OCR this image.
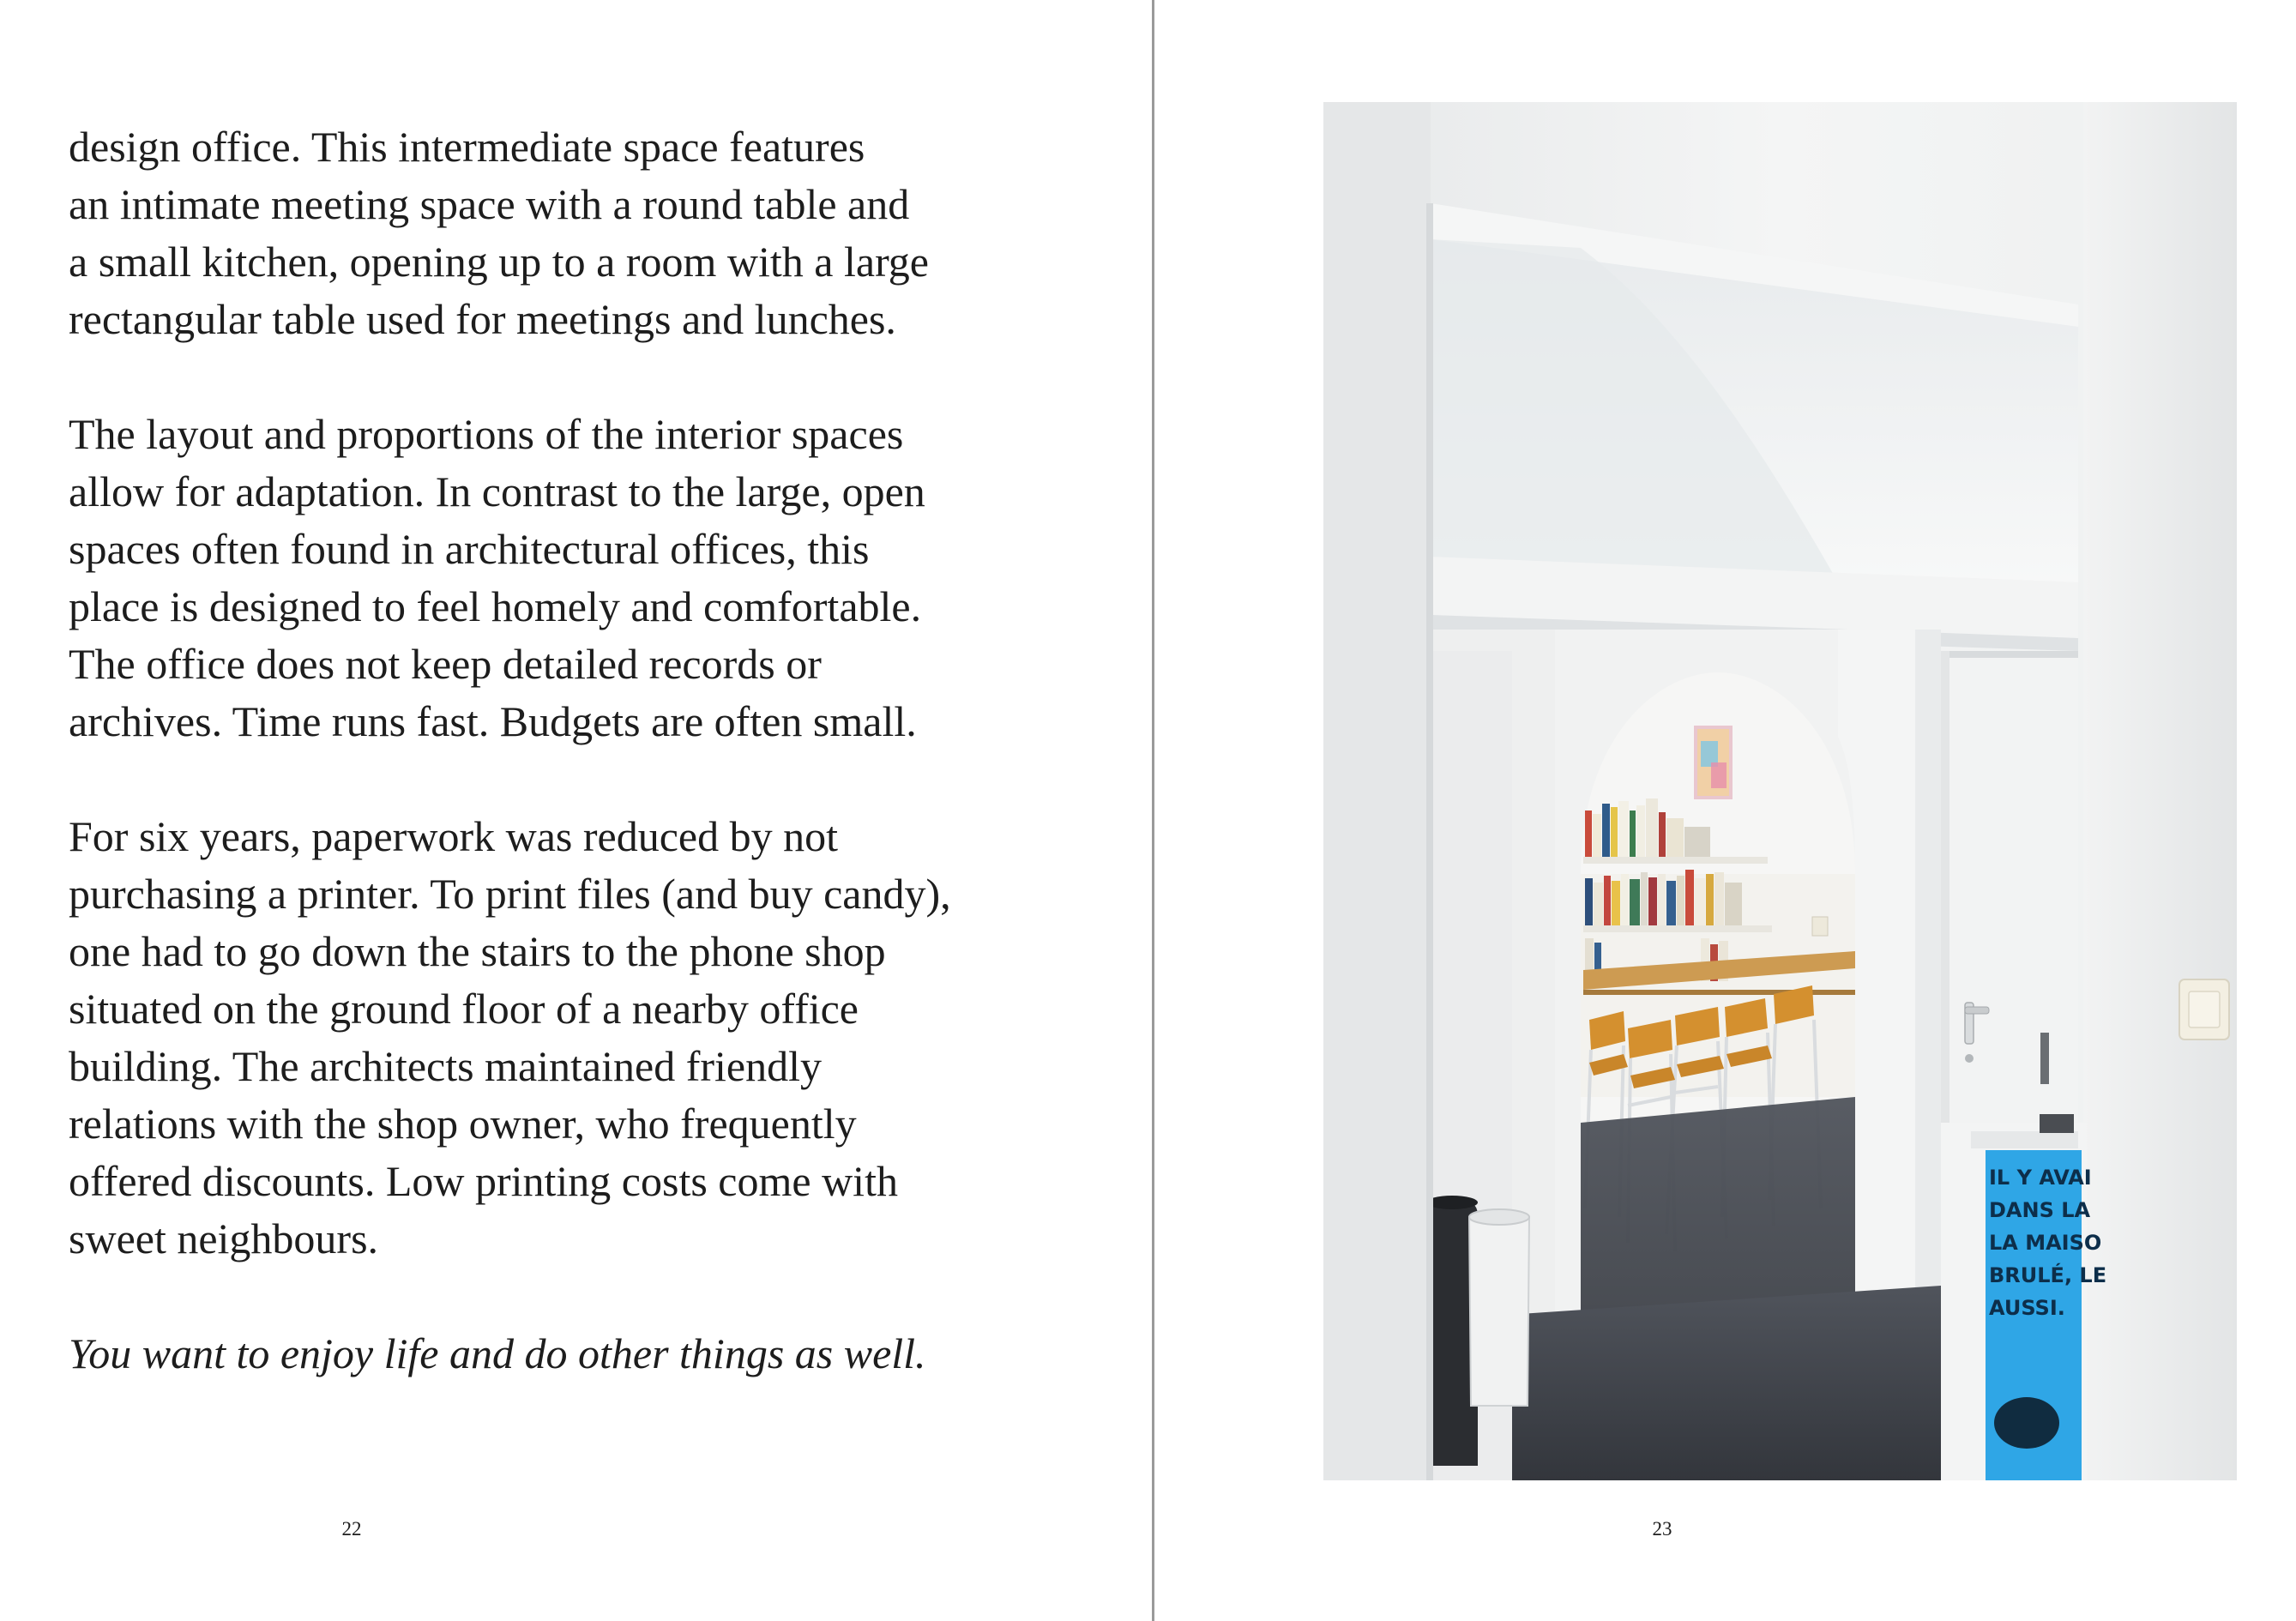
design office. This intermediate space features
an intimate meeting space with a round table and
a small kitchen, opening up to a room with a large
rectangular table used for meetings and lunches.

The layout and proportions of the interior spaces
allow for adaptation. In contrast to the large, open
spaces often found in architectural offices, this
place is designed to feel homely and comfortable.
The office does not keep detailed records or
archives. Time runs fast. Budgets are often small.

For six years, paperwork was reduced by not
purchasing a printer. To print files (and buy candy),
one had to go down the stairs to the phone shop
situated on the ground floor of a nearby office
building. The architects maintained friendly
relations with the shop owner, who frequently
offered discounts. Low printing costs come with
sweet neighbours.

You want to enjoy life and do other things as well.

22
IL Y AVAI
DANS LA
LA MAISO
BRULÉ, LE
AUSSI.
23
